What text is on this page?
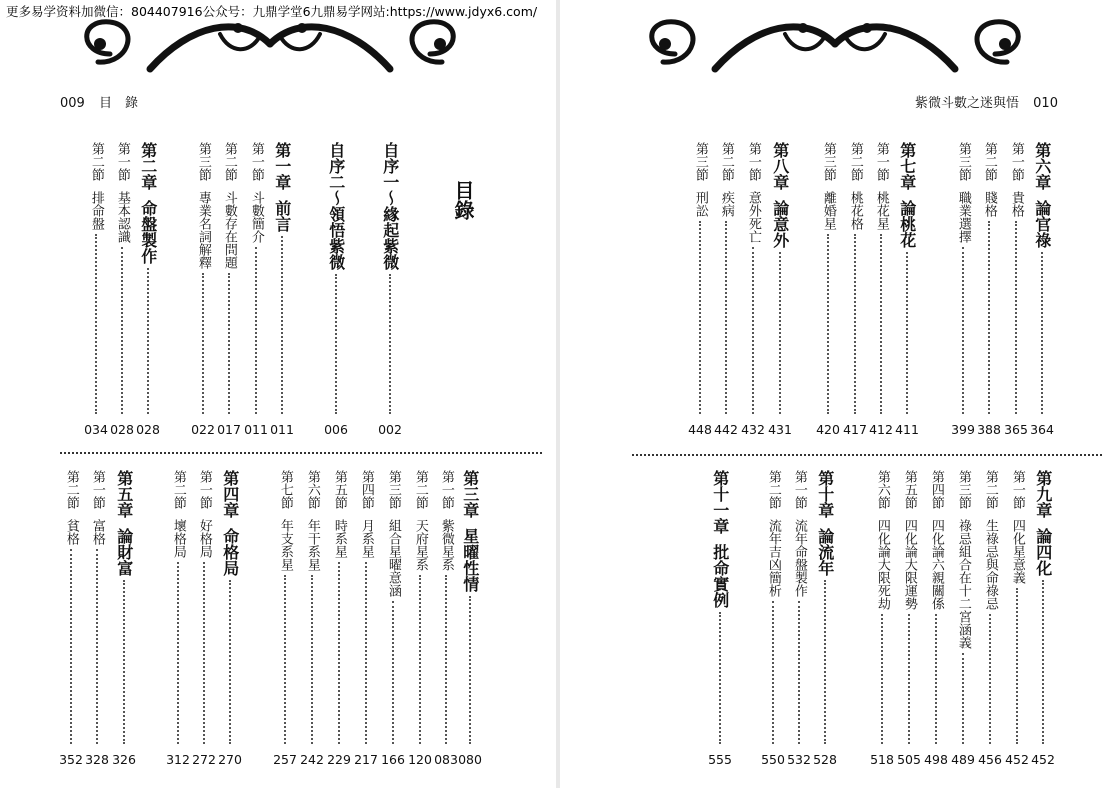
更多易学资料加微信：804407916公众号：九鼎学堂6九鼎易学网站:https://www.jdyx6.com/
009 目　錄
目錄
自序一
～緣起紫微
002
自序二
～領悟紫微
006
第一章
前言
011
第一節
斗數簡介
011
第二節
斗數存在問題
017
第三節
專業名詞解釋
022
第二章
命盤製作
028
第一節
基本認識
028
第二節
排命盤
034
第三章
星曜性情
080
第一節
紫微星系
083
第二節
天府星系
120
第三節
組合星曜意涵
166
第四節
月系星
217
第五節
時系星
229
第六節
年干系星
242
第七節
年支系星
257
第四章
命格局
270
第一節
好格局
272
第二節
壞格局
312
第五章
論財富
326
第一節
富格
328
第二節
貧格
352
紫微斗數之迷與悟 010
第六章
論官祿
364
第一節
貴格
365
第二節
賤格
388
第三節
職業選擇
399
第七章
論桃花
411
第一節
桃花星
412
第二節
桃花格
417
第三節
離婚星
420
第八章
論意外
431
第一節
意外死亡
432
第二節
疾病
442
第三節
刑訟
448
第九章
論四化
452
第一節
四化星意義
452
第二節
生祿忌與命祿忌
456
第三節
祿忌組合在十二宮涵義
489
第四節
四化論六親關係
498
第五節
四化論大限運勢
505
第六節
四化論大限死劫
518
第十章
論流年
528
第一節
流年命盤製作
532
第二節
流年吉凶簡析
550
第十一章
批命實例
555
